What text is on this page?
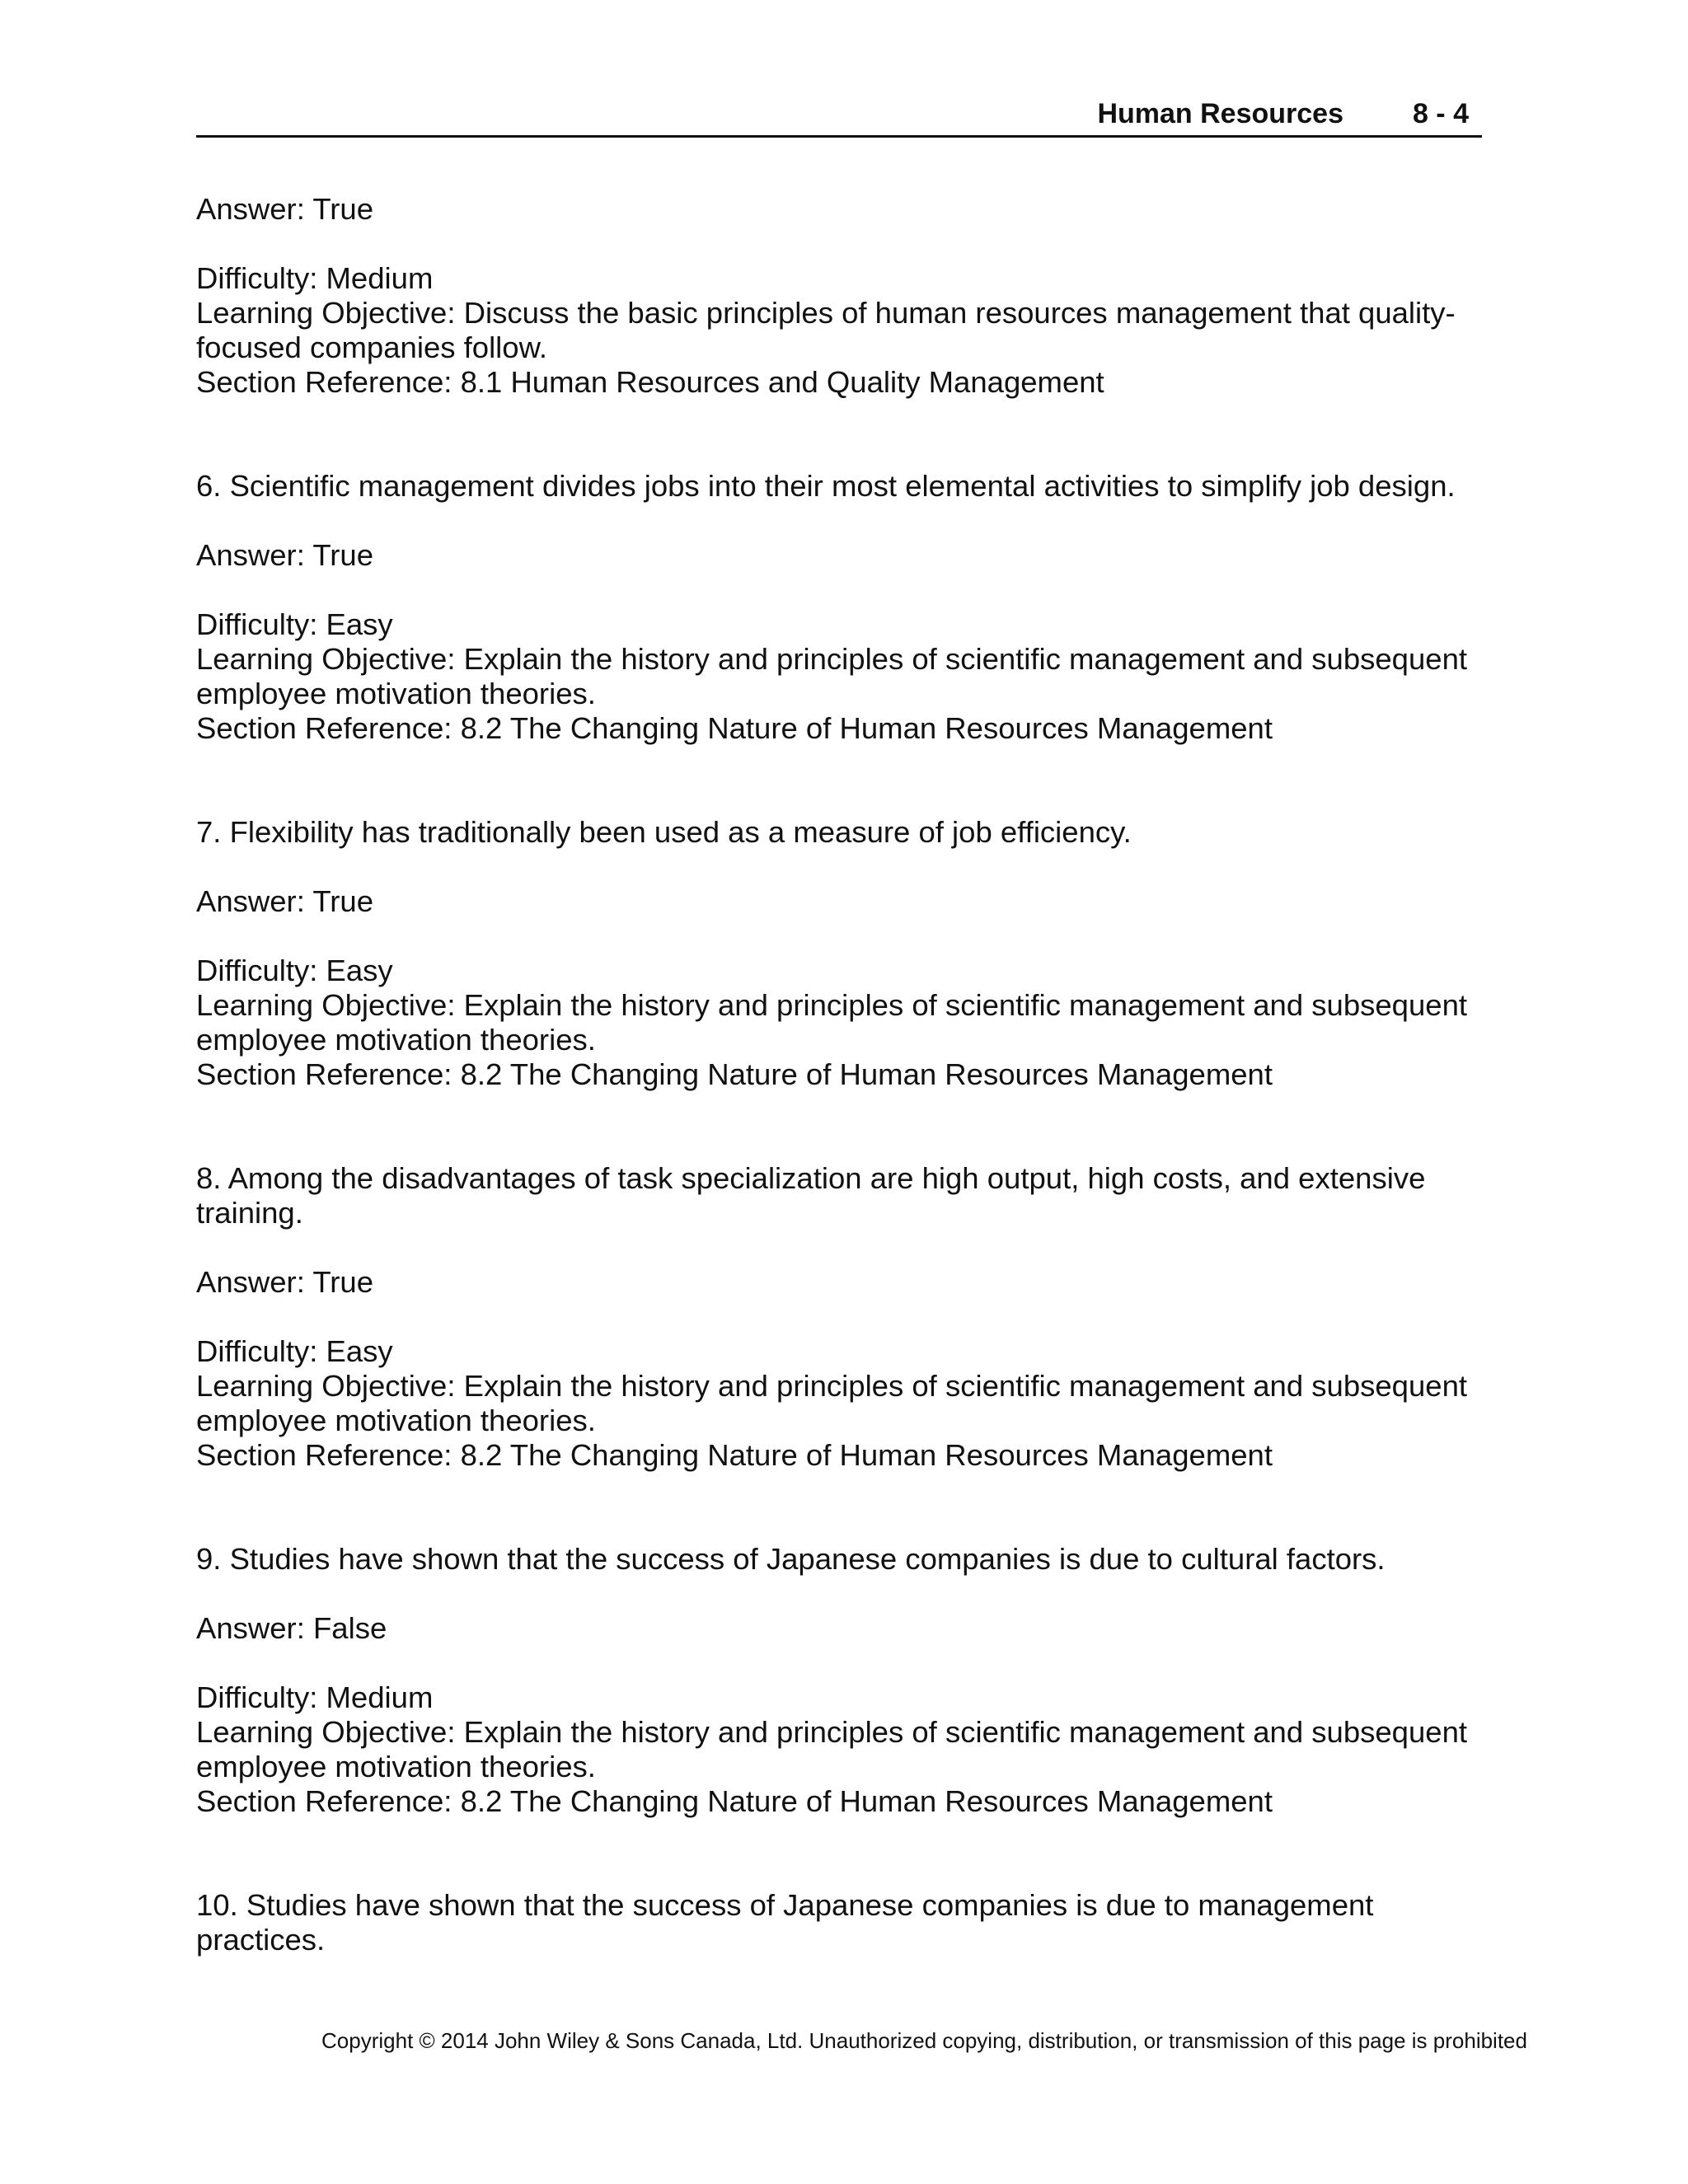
Human Resources 8 - 4
Answer: True
Difficulty: Medium
Learning Objective: Discuss the basic principles of human resources management that quality-
focused companies follow.
Section Reference: 8.1 Human Resources and Quality Management
6. Scientific management divides jobs into their most elemental activities to simplify job design.
Answer: True
Difficulty: Easy
Learning Objective: Explain the history and principles of scientific management and subsequent
employee motivation theories.
Section Reference: 8.2 The Changing Nature of Human Resources Management
7. Flexibility has traditionally been used as a measure of job efficiency.
Answer: True
Difficulty: Easy
Learning Objective: Explain the history and principles of scientific management and subsequent
employee motivation theories.
Section Reference: 8.2 The Changing Nature of Human Resources Management
8. Among the disadvantages of task specialization are high output, high costs, and extensive
training.
Answer: True
Difficulty: Easy
Learning Objective: Explain the history and principles of scientific management and subsequent
employee motivation theories.
Section Reference: 8.2 The Changing Nature of Human Resources Management
9. Studies have shown that the success of Japanese companies is due to cultural factors.
Answer: False
Difficulty: Medium
Learning Objective: Explain the history and principles of scientific management and subsequent
employee motivation theories.
Section Reference: 8.2 The Changing Nature of Human Resources Management
10. Studies have shown that the success of Japanese companies is due to management
practices.
Copyright © 2014 John Wiley & Sons Canada, Ltd. Unauthorized copying, distribution, or transmission of this page is prohibited
